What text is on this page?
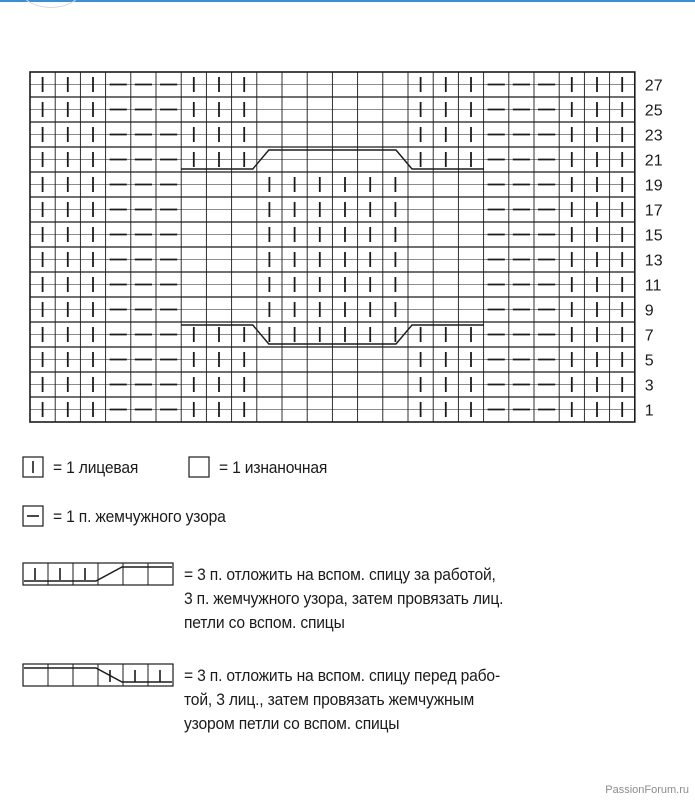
27
25
23
21
19
17
15
13
11
9
7
5
3
1
= 1 лицевая	= 1 изнаночная
= 1 п. жемчужного узора
= 3 п. отложить на вспом. спицу за работой,
3 п. жемчужного узора, затем провязать лиц.
петли со вспом. спицы
= 3 п. отложить на вспом. спицу перед рабо-
той, 3 лиц., затем провязать жемчужным
узором петли со вспом. спицы
PassionForum.ru
